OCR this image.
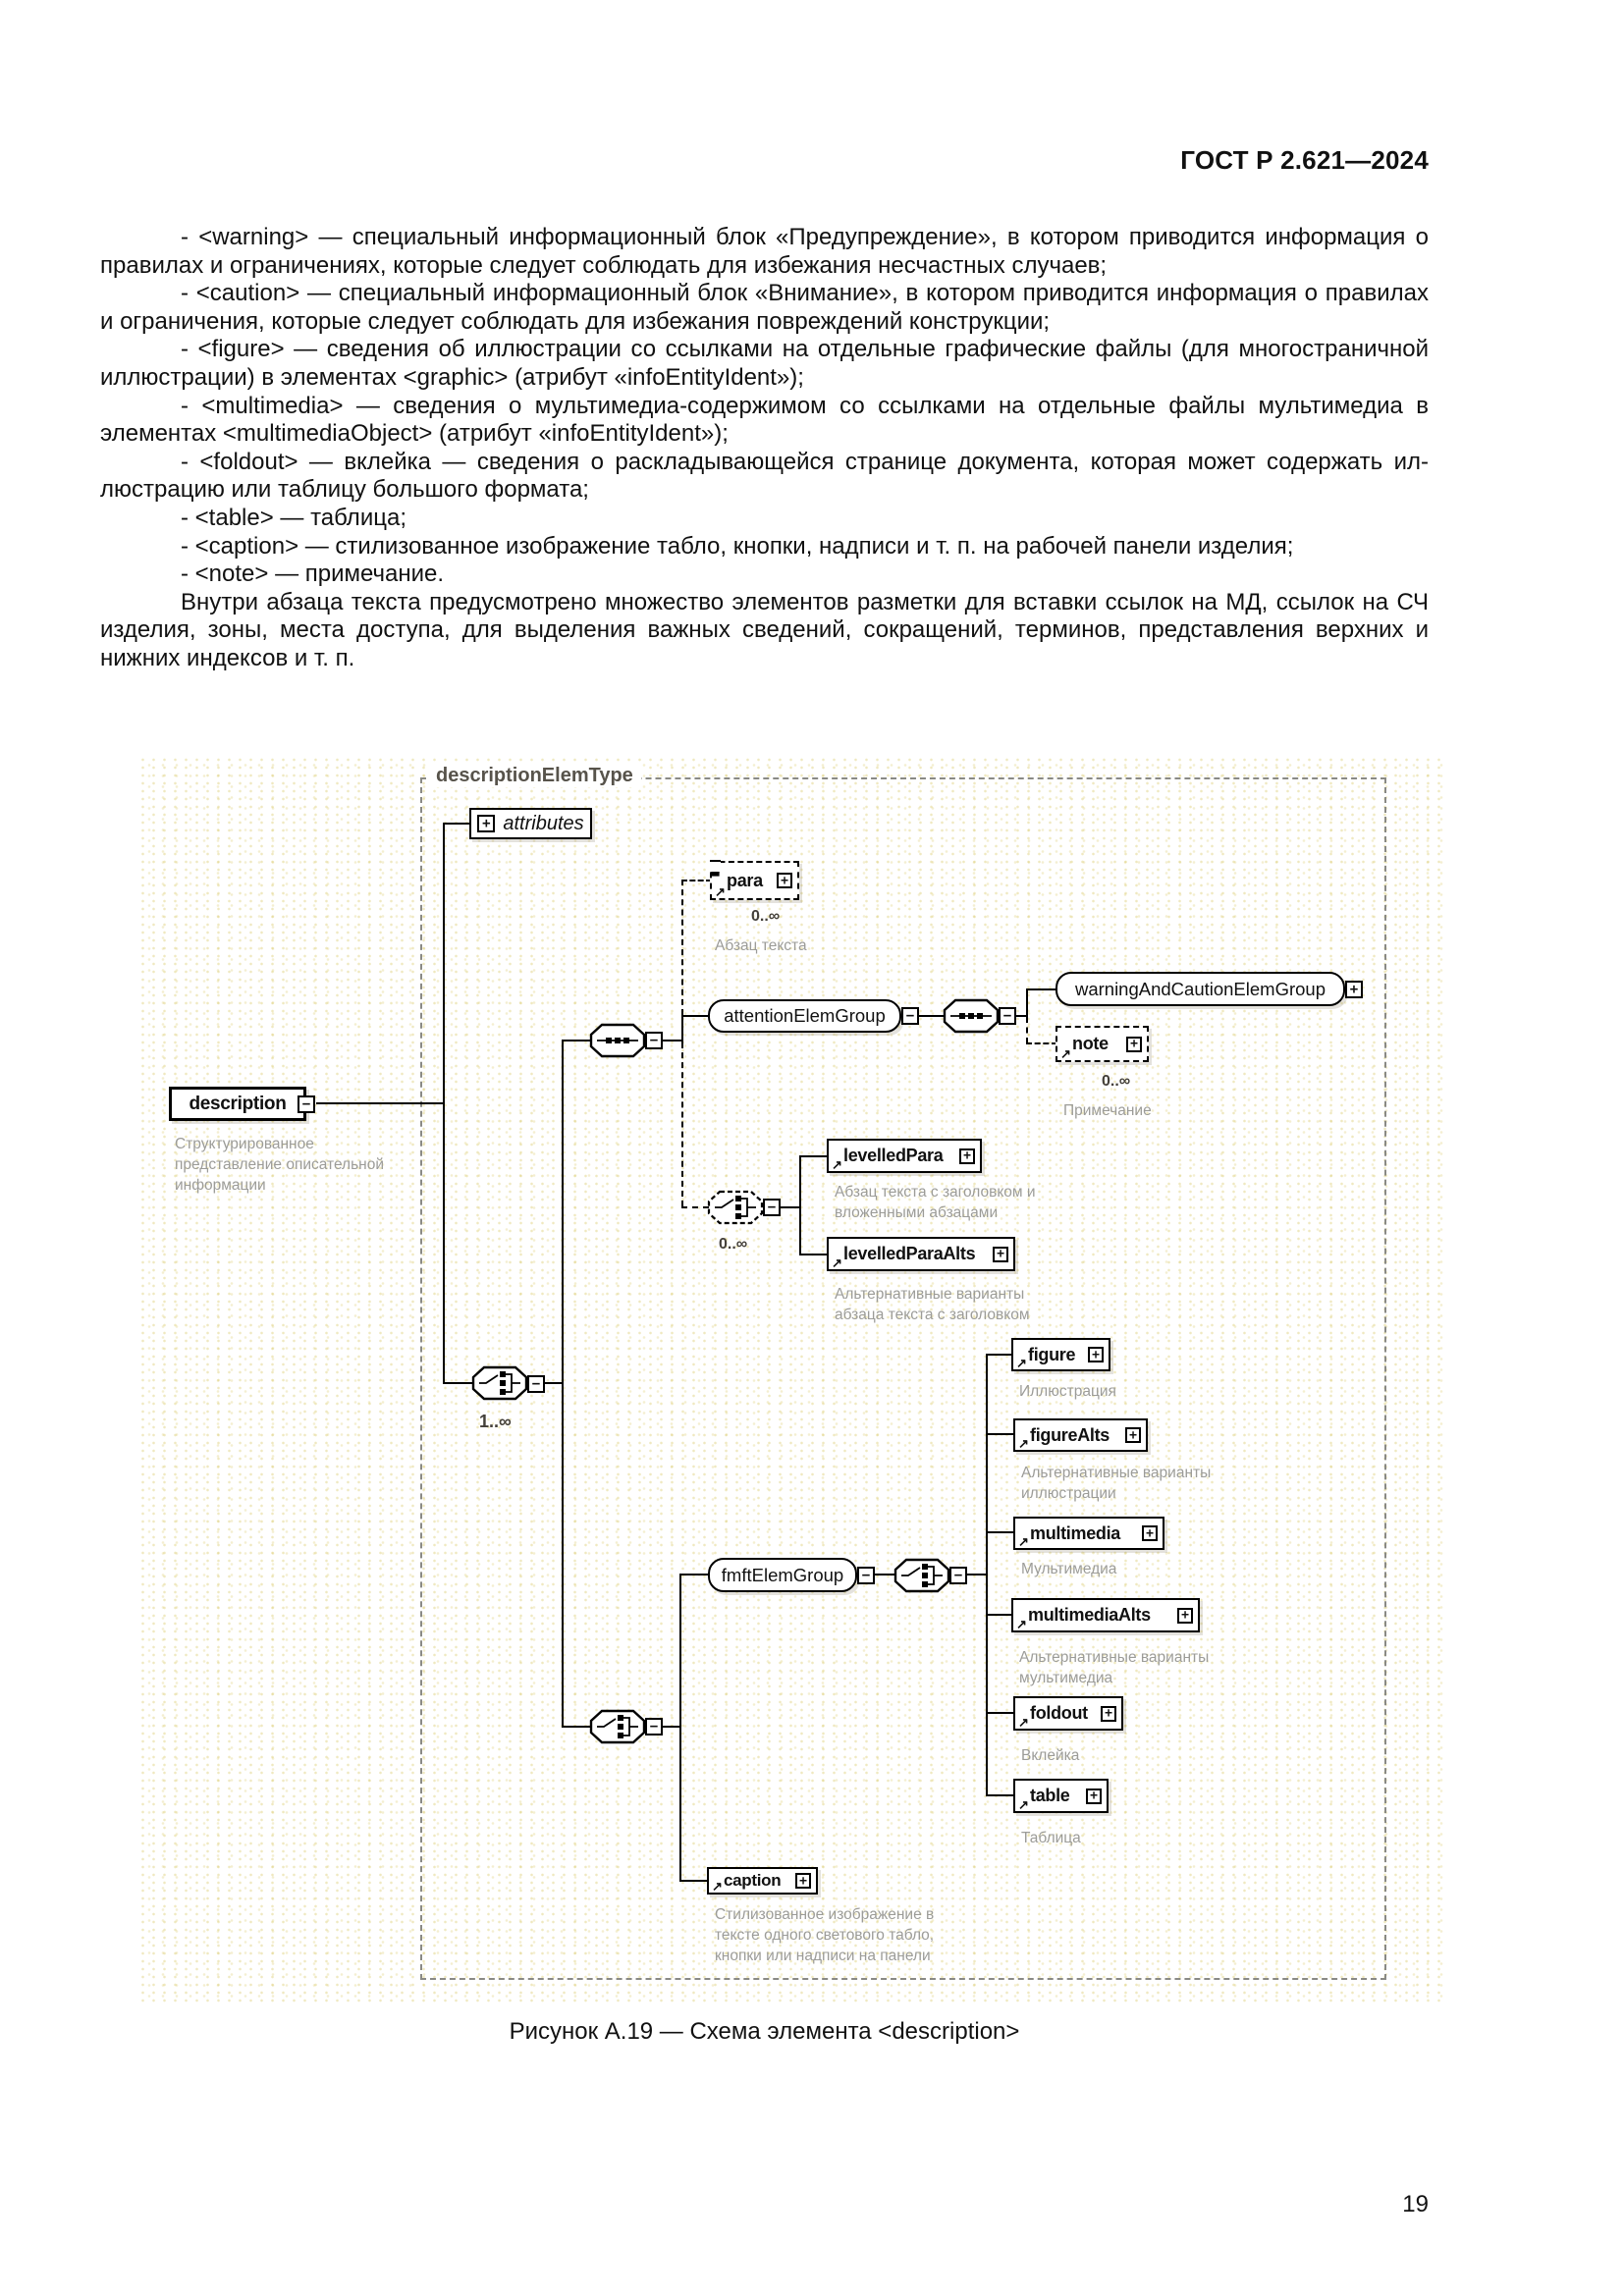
ГОСТ Р 2.621—2024

- <warning> — специальный информационный блок «Предупреждение», в котором приводится информация о правилах и ограничениях, которые следует соблюдать для избежания несчастных случаев;

- <caution> — специальный информационный блок «Внимание», в котором приводится информация о правилах и ограничения, которые следует соблюдать для избежания повреждений конструкции;

- <figure> — сведения об иллюстрации со ссылками на отдельные графические файлы (для многостраничной иллюстрации) в элементах <graphic> (атрибут «infoEntityIdent»);

- <multimedia> — сведения о мультимедиа-содержимом со ссылками на отдельные файлы мультимедиа в элементах <multimediaObject> (атрибут «infoEntityIdent»);

- <foldout> — вклейка — сведения о раскладывающейся странице документа, которая может содержать иллюстрацию или таблицу большого формата;

- <table> — таблица;

- <caption> — стилизованное изображение табло, кнопки, надписи и т. п. на рабочей панели изделия;

- <note> — примечание.

Внутри абзаца текста предусмотрено множество элементов разметки для вставки ссылок на МД, ссылок на СЧ изделия, зоны, места доступа, для выделения важных сведений, сокращений, терминов, представления верхних и нижних индексов и т. п.

descriptionElemType
+ attributes
description	−
Структурированное представление описательной информации
−
1..∞
−
↗
para	+
0..∞
Абзац текста
attentionElemGroup	−	−
warningAndCautionElemGroup	+
↗
note	+
0..∞
Примечание
−
0..∞
↗ levelledPara	+
Абзац текста с заголовком и вложенными абзацами
↗ levelledParaAlts	+
Альтернативные варианты абзаца текста с заголовком
−
fmftElemGroup	−	−
↗ figure	+
Иллюстрация
↗ figureAlts	+
Альтернативные варианты иллюстрации
↗ multimedia	+
Мультимедиа
↗ multimediaAlts	+
Альтернативные варианты мультимедиа
↗ foldout	+
Вклейка
↗ table	+
Таблица
↗ caption	+
Стилизованное изображение в тексте одного светового табло, кнопки или надписи на панели
Рисунок А.19 — Схема элемента <description>
19
